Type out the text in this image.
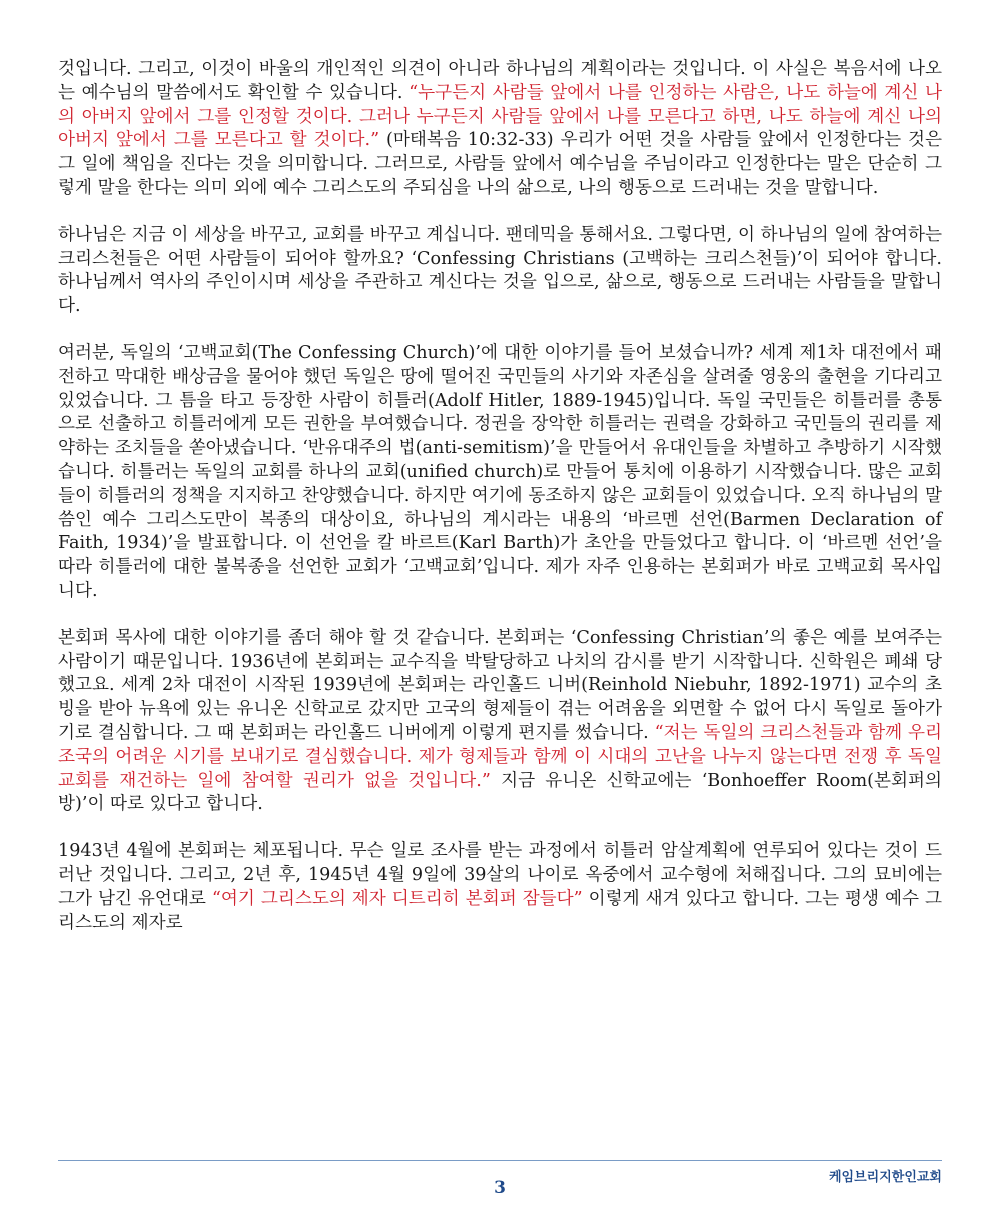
것입니다. 그리고, 이것이 바울의 개인적인 의견이 아니라 하나님의 계획이라는 것입니다. 이 사실은 복음서에 나오는 예수님의 말씀에서도 확인할 수 있습니다. “누구든지 사람들 앞에서 나를 인정하는 사람은, 나도 하늘에 계신 나의 아버지 앞에서 그를 인정할 것이다. 그러나 누구든지 사람들 앞에서 나를 모른다고 하면, 나도 하늘에 계신 나의 아버지 앞에서 그를 모른다고 할 것이다.” (마태복음 10:32-33) 우리가 어떤 것을 사람들 앞에서 인정한다는 것은 그 일에 책임을 진다는 것을 의미합니다. 그러므로, 사람들 앞에서 예수님을 주님이라고 인정한다는 말은 단순히 그렇게 말을 한다는 의미 외에 예수 그리스도의 주되심을 나의 삶으로, 나의 행동으로 드러내는 것을 말합니다.

하나님은 지금 이 세상을 바꾸고, 교회를 바꾸고 계십니다. 팬데믹을 통해서요. 그렇다면, 이 하나님의 일에 참여하는 크리스천들은 어떤 사람들이 되어야 할까요? ‘Confessing Christians (고백하는 크리스천들)’이 되어야 합니다. 하나님께서 역사의 주인이시며 세상을 주관하고 계신다는 것을 입으로, 삶으로, 행동으로 드러내는 사람들을 말합니다.

여러분, 독일의 ‘고백교회(The Confessing Church)’에 대한 이야기를 들어 보셨습니까? 세계 제1차 대전에서 패전하고 막대한 배상금을 물어야 했던 독일은 땅에 떨어진 국민들의 사기와 자존심을 살려줄 영웅의 출현을 기다리고 있었습니다. 그 틈을 타고 등장한 사람이 히틀러(Adolf Hitler, 1889-1945)입니다. 독일 국민들은 히틀러를 총통으로 선출하고 히틀러에게 모든 권한을 부여했습니다. 정권을 장악한 히틀러는 권력을 강화하고 국민들의 권리를 제약하는 조치들을 쏟아냈습니다. ‘반유대주의 법(anti-semitism)’을 만들어서 유대인들을 차별하고 추방하기 시작했습니다. 히틀러는 독일의 교회를 하나의 교회(unified church)로 만들어 통치에 이용하기 시작했습니다. 많은 교회들이 히틀러의 정책을 지지하고 찬양했습니다. 하지만 여기에 동조하지 않은 교회들이 있었습니다. 오직 하나님의 말씀인 예수 그리스도만이 복종의 대상이요, 하나님의 계시라는 내용의 ‘바르멘 선언(Barmen Declaration of Faith, 1934)’을 발표합니다. 이 선언을 칼 바르트(Karl Barth)가 초안을 만들었다고 합니다. 이 ‘바르멘 선언’을 따라 히틀러에 대한 불복종을 선언한 교회가 ‘고백교회’입니다. 제가 자주 인용하는 본회퍼가 바로 고백교회 목사입니다.

본회퍼 목사에 대한 이야기를 좀더 해야 할 것 같습니다. 본회퍼는 ‘Confessing Christian’의 좋은 예를 보여주는 사람이기 때문입니다. 1936년에 본회퍼는 교수직을 박탈당하고 나치의 감시를 받기 시작합니다. 신학원은 폐쇄 당했고요. 세계 2차 대전이 시작된 1939년에 본회퍼는 라인홀드 니버(Reinhold Niebuhr, 1892-1971) 교수의 초빙을 받아 뉴욕에 있는 유니온 신학교로 갔지만 고국의 형제들이 겪는 어려움을 외면할 수 없어 다시 독일로 돌아가기로 결심합니다. 그 때 본회퍼는 라인홀드 니버에게 이렇게 편지를 썼습니다. “저는 독일의 크리스천들과 함께 우리 조국의 어려운 시기를 보내기로 결심했습니다. 제가 형제들과 함께 이 시대의 고난을 나누지 않는다면 전쟁 후 독일 교회를 재건하는 일에 참여할 권리가 없을 것입니다.” 지금 유니온 신학교에는 ‘Bonhoeffer Room(본회퍼의 방)’이 따로 있다고 합니다.

1943년 4월에 본회퍼는 체포됩니다. 무슨 일로 조사를 받는 과정에서 히틀러 암살계획에 연루되어 있다는 것이 드러난 것입니다. 그리고, 2년 후, 1945년 4월 9일에 39살의 나이로 옥중에서 교수형에 처해집니다. 그의 묘비에는 그가 남긴 유언대로 “여기 그리스도의 제자 디트리히 본회퍼 잠들다” 이렇게 새겨 있다고 합니다. 그는 평생 예수 그리스도의 제자로

케임브리지한인교회
3
